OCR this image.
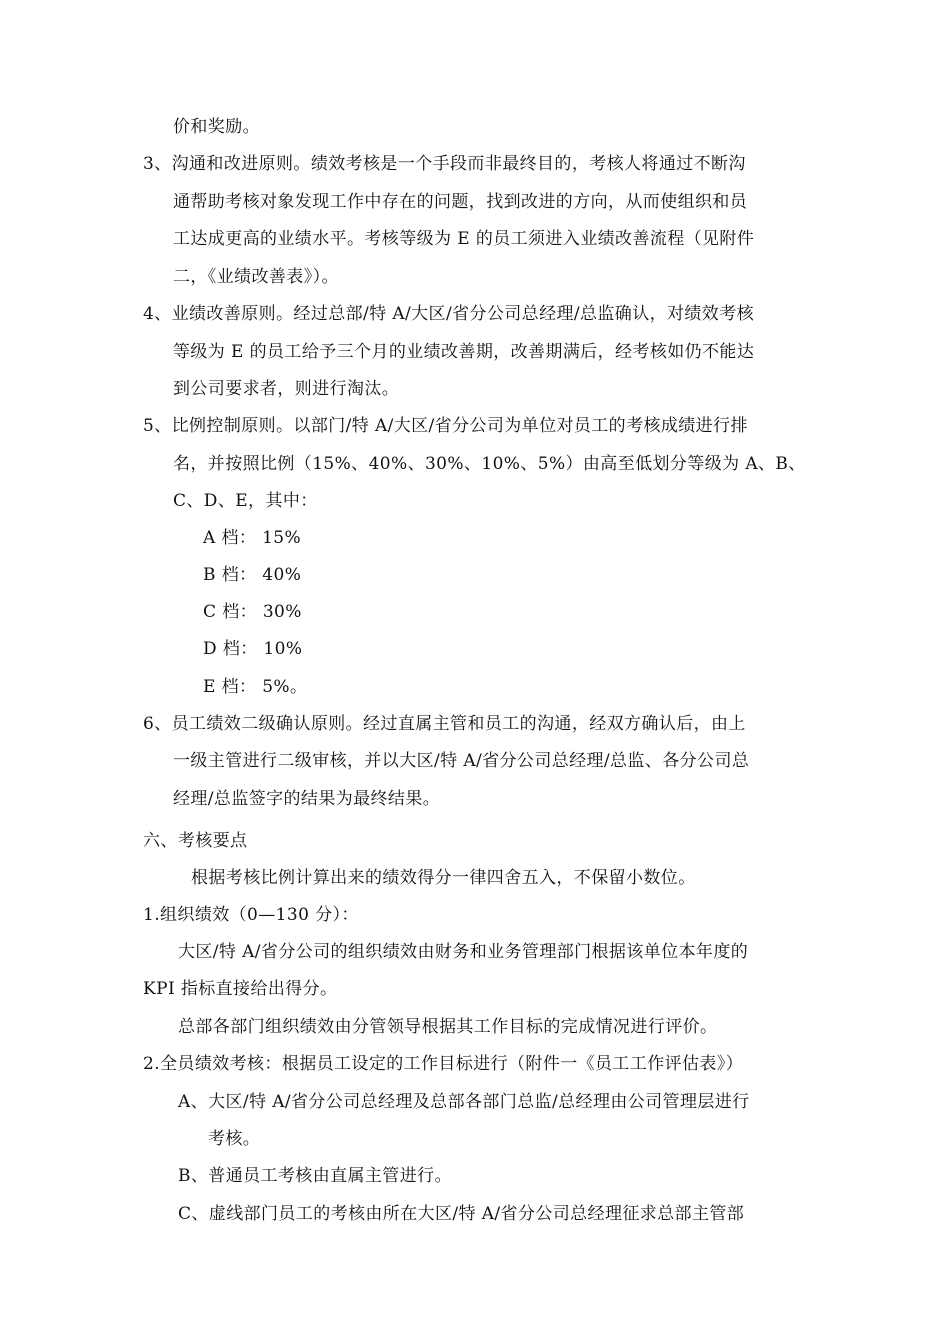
价和奖励。
3、沟通和改进原则。绩效考核是一个手段而非最终目的，考核人将通过不断沟
通帮助考核对象发现工作中存在的问题，找到改进的方向，从而使组织和员
工达成更高的业绩水平。考核等级为 E 的员工须进入业绩改善流程（见附件
二，《业绩改善表》）。
4、业绩改善原则。经过总部/特 A/大区/省分公司总经理/总监确认，对绩效考核
等级为 E 的员工给予三个月的业绩改善期，改善期满后，经考核如仍不能达
到公司要求者，则进行淘汰。
5、比例控制原则。以部门/特 A/大区/省分公司为单位对员工的考核成绩进行排
名，并按照比例（15%、40%、30%、10%、5%）由高至低划分等级为 A、B、
C、D、E，其中：
A 档： 15%
B 档： 40%
C 档： 30%
D 档： 10%
E 档： 5%。
6、员工绩效二级确认原则。经过直属主管和员工的沟通，经双方确认后，由上
一级主管进行二级审核，并以大区/特 A/省分公司总经理/总监、各分公司总
经理/总监签字的结果为最终结果。
六、考核要点
根据考核比例计算出来的绩效得分一律四舍五入，不保留小数位。
1.组织绩效（0—130 分）：
大区/特 A/省分公司的组织绩效由财务和业务管理部门根据该单位本年度的
KPI 指标直接给出得分。
总部各部门组织绩效由分管领导根据其工作目标的完成情况进行评价。
2.全员绩效考核：根据员工设定的工作目标进行（附件一《员工工作评估表》）
A、大区/特 A/省分公司总经理及总部各部门总监/总经理由公司管理层进行
考核。
B、普通员工考核由直属主管进行。
C、虚线部门员工的考核由所在大区/特 A/省分公司总经理征求总部主管部
